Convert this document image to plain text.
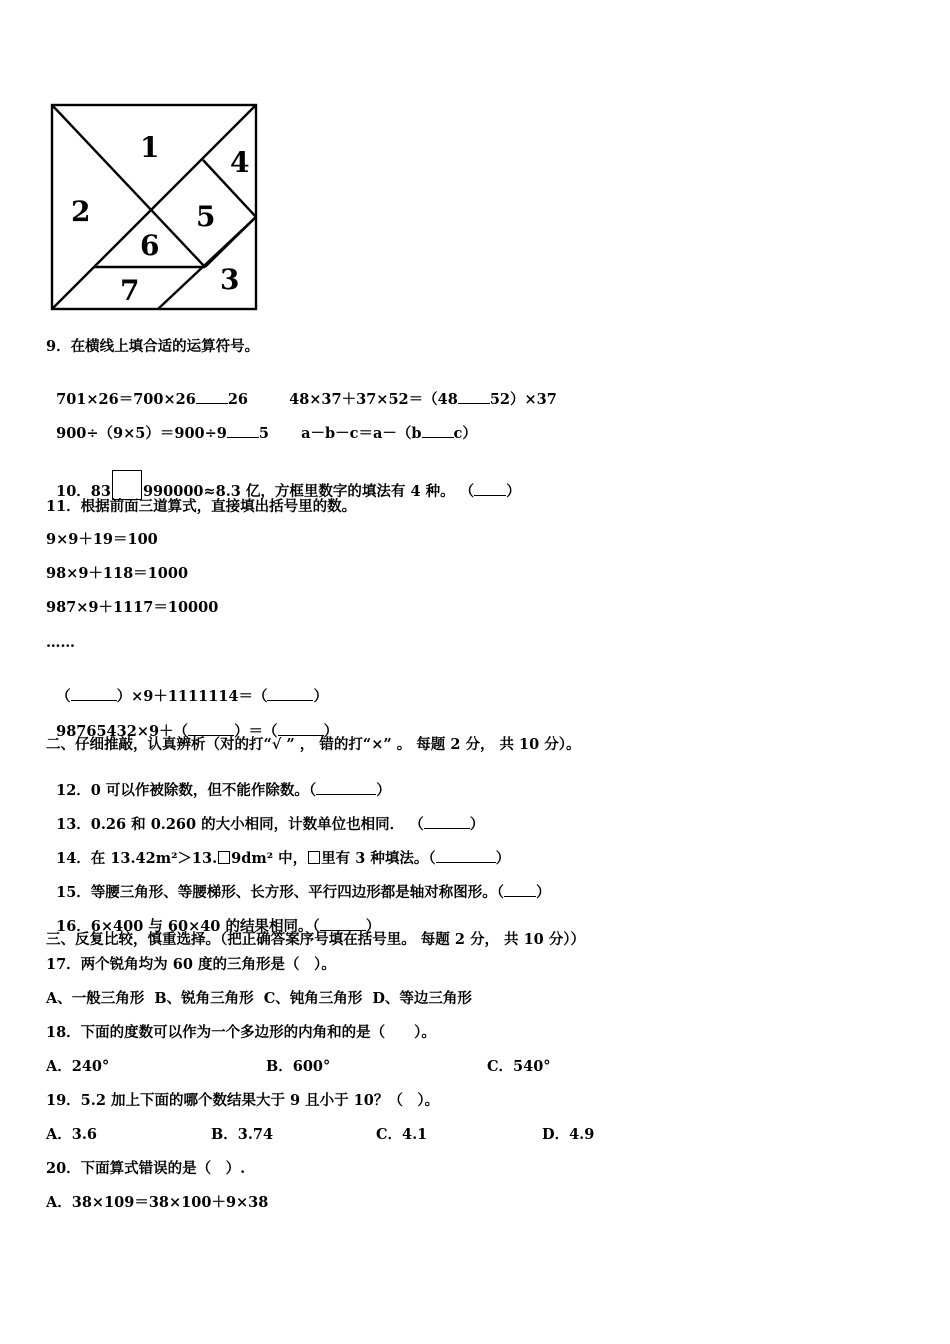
1
2
3
4
5
6
7
9．在横线上填合适的运算符号。

701×26＝700×26 26	48×37＋37×52＝（48 52）×37

900÷（9×5）＝900÷9 5	a－b－c＝a－（b c）

10．83 990000≈8.3 亿，方框里数字的填法有 4 种。 （ ）

11．根据前面三道算式，直接填出括号里的数。
9×9＋19＝100
98×9＋118＝1000
987×9＋1117＝10000
……

（	）×9＋1111114＝（	）

98765432×9＋（	）＝（	）

二、仔细推敲，认真辨析（对的打“√ ” ， 错的打“×” 。 每题 2 分， 共 10 分）。

12．0 可以作被除数，但不能作除数。（	）

13．0.26 和 0.260 的大小相同，计数单位也相同． （	）

14．在 13.42m²＞13. 9dm² 中， 里有 3 种填法。（	）

15．等腰三角形、等腰梯形、长方形、平行四边形都是轴对称图形。（ ）

16．6×400 与 60×40 的结果相同。（	）

三、反复比较，慎重选择。（把正确答案序号填在括号里。 每题 2 分， 共 10 分））
17．两个锐角均为 60 度的三角形是（　）。
A、一般三角形  B、锐角三角形  C、钝角三角形  D、等边三角形
18．下面的度数可以作为一个多边形的内角和的是（　　）。
A．240°	B．600°	C．540°
19．5.2 加上下面的哪个数结果大于 9 且小于 10？（　）。
A．3.6	B．3.74	C．4.1	D．4.9
20．下面算式错误的是（　）.
A．38×109＝38×100＋9×38
